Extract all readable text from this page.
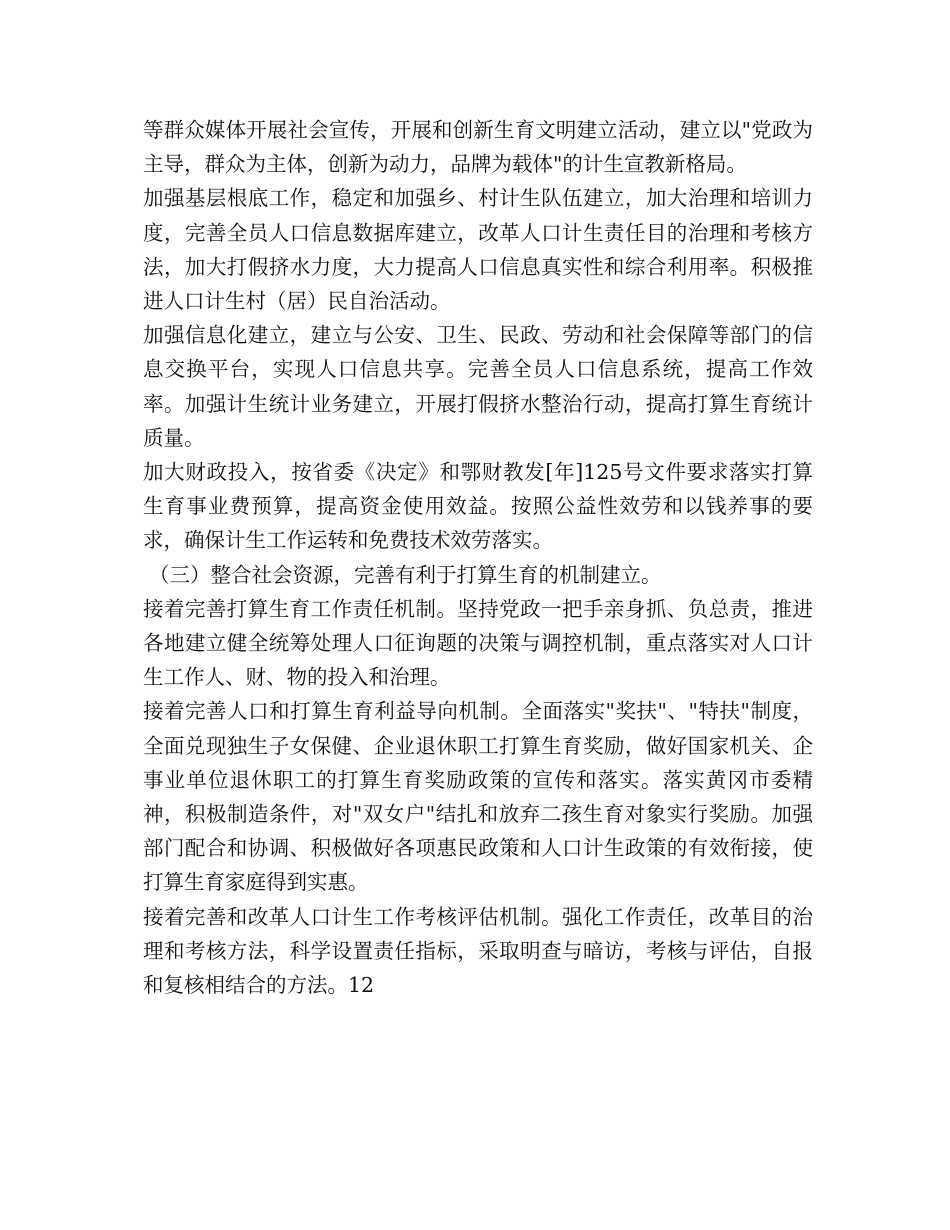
等群众媒体开展社会宣传，开展和创新生育文明建立活动，建立以"党政为主导，群众为主体，创新为动力，品牌为载体"的计生宣教新格局。

加强基层根底工作，稳定和加强乡、村计生队伍建立，加大治理和培训力度，完善全员人口信息数据库建立，改革人口计生责任目的治理和考核方法，加大打假挤水力度，大力提高人口信息真实性和综合利用率。积极推进人口计生村（居）民自治活动。

加强信息化建立，建立与公安、卫生、民政、劳动和社会保障等部门的信息交换平台，实现人口信息共享。完善全员人口信息系统，提高工作效率。加强计生统计业务建立，开展打假挤水整治行动，提高打算生育统计质量。

加大财政投入，按省委《决定》和鄂财教发[年]125号文件要求落实打算生育事业费预算，提高资金使用效益。按照公益性效劳和以钱养事的要求，确保计生工作运转和免费技术效劳落实。

（三）整合社会资源，完善有利于打算生育的机制建立。

接着完善打算生育工作责任机制。坚持党政一把手亲身抓、负总责，推进各地建立健全统筹处理人口征询题的决策与调控机制，重点落实对人口计生工作人、财、物的投入和治理。

接着完善人口和打算生育利益导向机制。全面落实"奖扶"、"特扶"制度，全面兑现独生子女保健、企业退休职工打算生育奖励，做好国家机关、企事业单位退休职工的打算生育奖励政策的宣传和落实。落实黄冈市委精神，积极制造条件，对"双女户"结扎和放弃二孩生育对象实行奖励。加强部门配合和协调、积极做好各项惠民政策和人口计生政策的有效衔接，使打算生育家庭得到实惠。

接着完善和改革人口计生工作考核评估机制。强化工作责任，改革目的治理和考核方法，科学设置责任指标，采取明查与暗访，考核与评估，自报和复核相结合的方法。12
